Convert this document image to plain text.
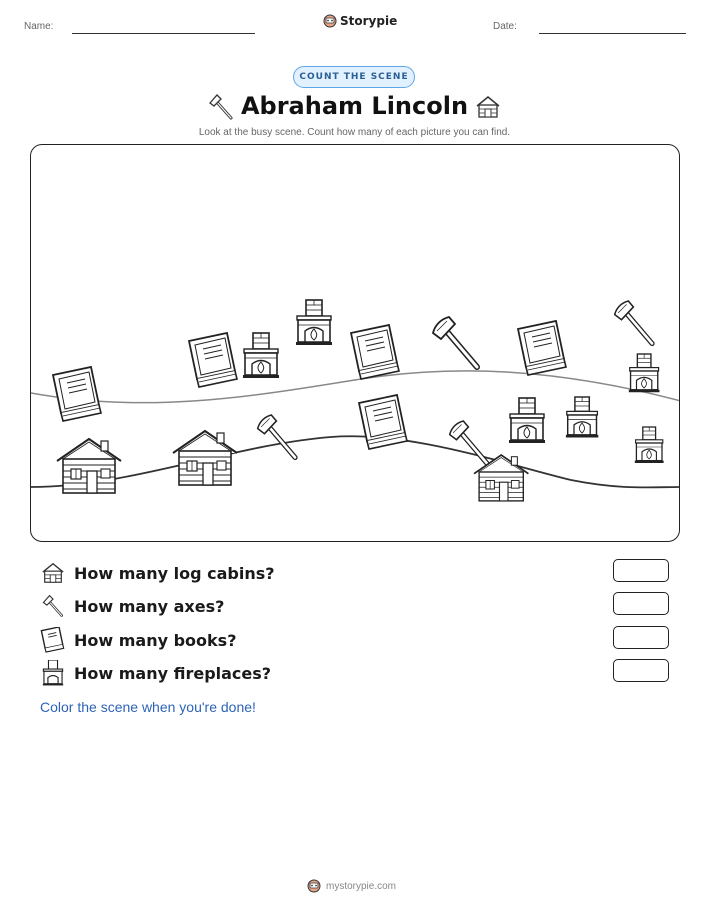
Name:	Storypie	Date:
COUNT THE SCENE
Abraham Lincoln
Look at the busy scene. Count how many of each picture you can find.
How many log cabins?
How many axes?
How many books?
How many fireplaces?
Color the scene when you're done!
mystorypie.com
